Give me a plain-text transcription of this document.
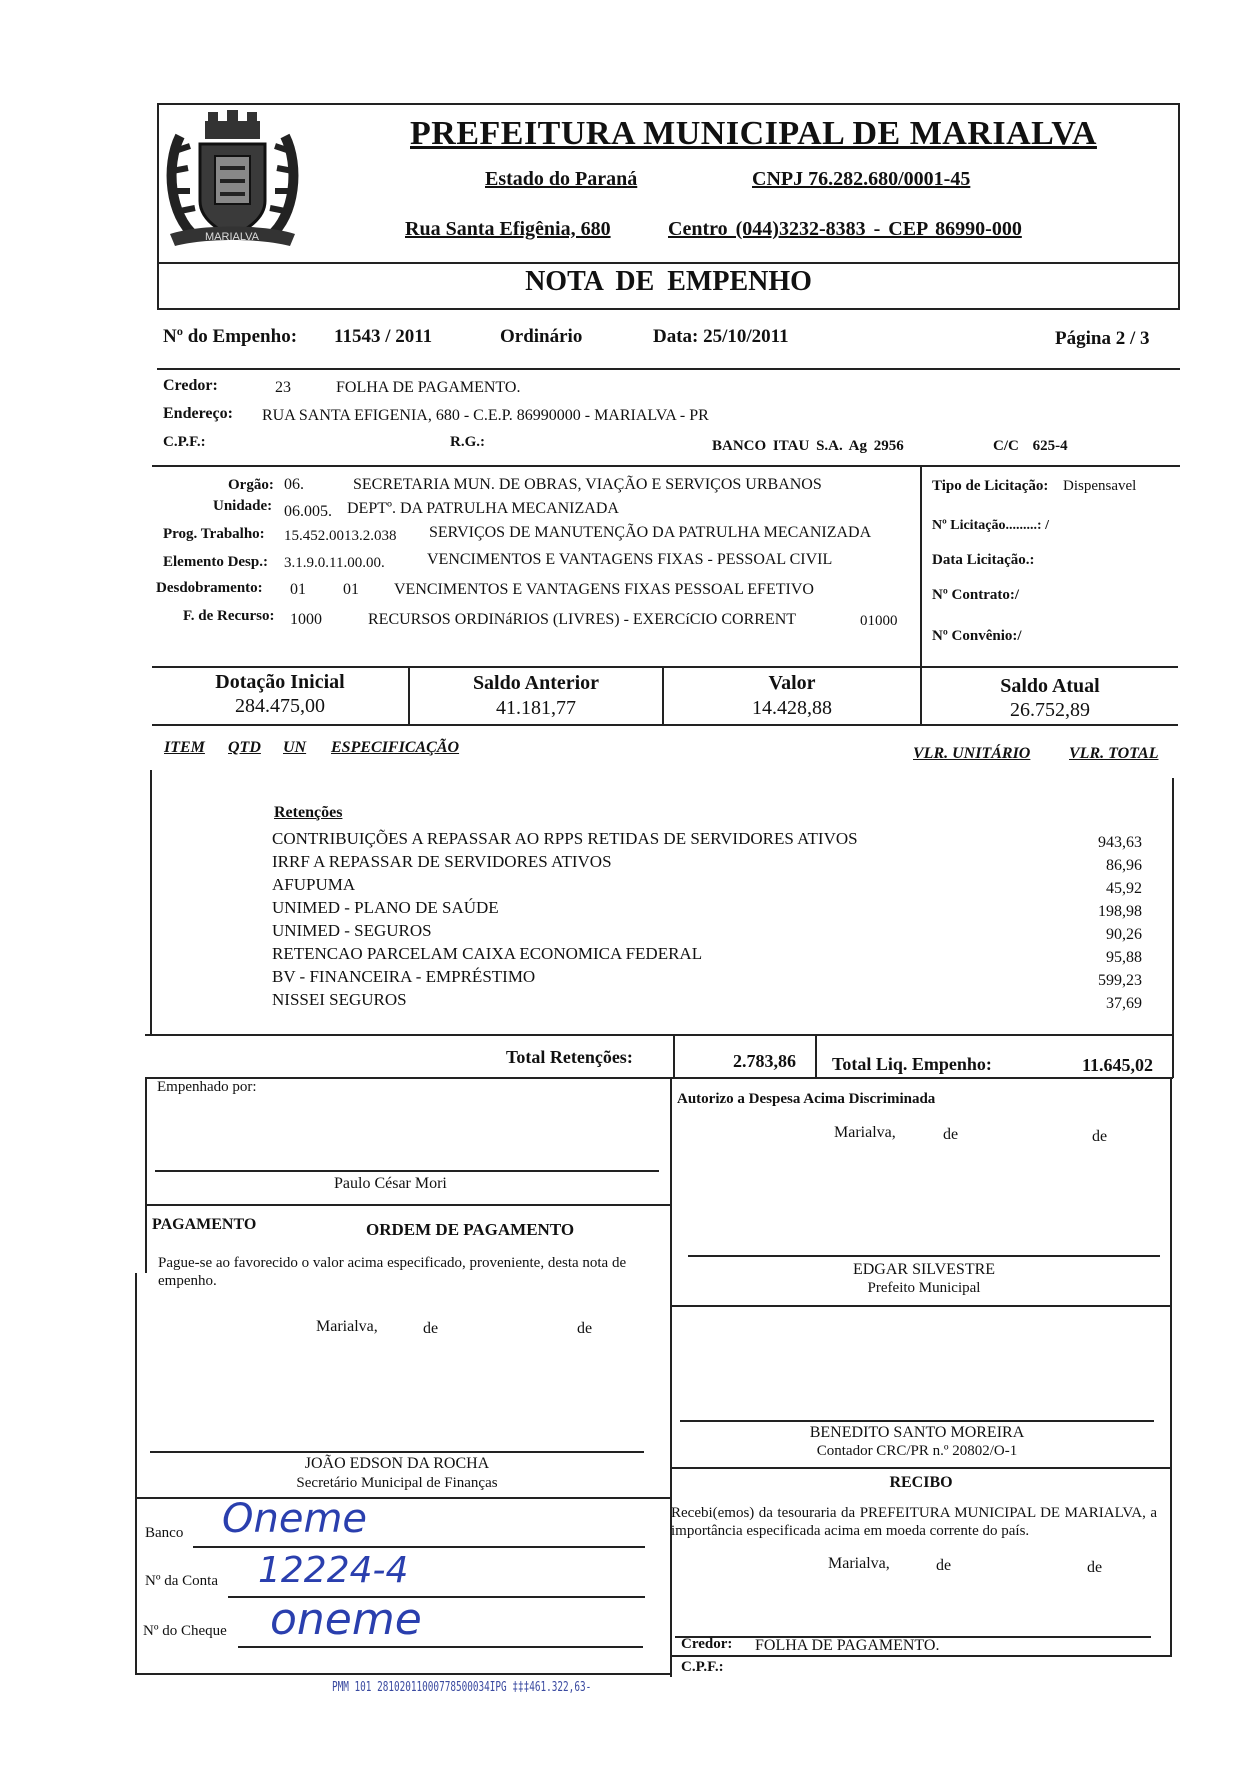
MARIALVA
PREFEITURA MUNICIPAL DE MARIALVA
Estado do Paraná	CNPJ 76.282.680/0001-45
Rua Santa Efigênia, 680	Centro (044)3232-8383 - CEP 86990-000
NOTA DE EMPENHO
Nº do Empenho: 11543 / 2011	Ordinário	Data: 25/10/2011	Página 2 / 3
Credor:	23	FOLHA DE PAGAMENTO.
Endereço: RUA SANTA EFIGENIA, 680 - C.E.P. 86990000 - MARIALVA - PR
C.P.F.:	R.G.:	BANCO ITAU S.A. Ag 2956	C/C 625-4
Orgão: 06.	SECRETARIA MUN. DE OBRAS, VIAÇÃO E SERVIÇOS URBANOS
Unidade: 06.005. DEPTº. DA PATRULHA MECANIZADA
Prog. Trabalho: 15.452.0013.2.038 SERVIÇOS DE MANUTENÇÃO DA PATRULHA MECANIZADA
Elemento Desp.: 3.1.9.0.11.00.00.	VENCIMENTOS E VANTAGENS FIXAS - PESSOAL CIVIL
Desdobramento: 01 01 VENCIMENTOS E VANTAGENS FIXAS PESSOAL EFETIVO
F. de Recurso: 1000	RECURSOS ORDINáRIOS (LIVRES) - EXERCíCIO CORRENT	01000
Tipo de Licitação: Dispensavel
Nº Licitação.........: /
Data Licitação.:
Nº Contrato:/
Nº Convênio:/
Dotação Inicial
284.475,00
Saldo Anterior
41.181,77
Valor
14.428,88
Saldo Atual
26.752,89
ITEM QTD UN ESPECIFICAÇÃO	VLR. UNITÁRIO VLR. TOTAL
Retenções
CONTRIBUIÇÕES A REPASSAR AO RPPS RETIDAS DE SERVIDORES ATIVOS	943,63
IRRF A REPASSAR DE SERVIDORES ATIVOS	86,96
AFUPUMA	45,92
UNIMED - PLANO DE SAÚDE	198,98
UNIMED - SEGUROS	90,26
RETENCAO PARCELAM CAIXA ECONOMICA FEDERAL	95,88
BV - FINANCEIRA - EMPRÉSTIMO	599,23
NISSEI SEGUROS	37,69
Total Retenções:	2.783,86 Total Liq. Empenho:	11.645,02
Empenhado por:
Paulo César Mori
PAGAMENTO	ORDEM DE PAGAMENTO
Pague-se ao favorecido o valor acima especificado, proveniente, desta nota de empenho.
Marialva,	de	de
JOÃO EDSON DA ROCHA
Secretário Municipal de Finanças
Banco Oneme
Nº da Conta 12224-4
Nº do Cheque oneme
Autorizo a Despesa Acima Discriminada
Marialva,	de	de
EDGAR SILVESTRE
Prefeito Municipal
BENEDITO SANTO MOREIRA
Contador CRC/PR n.º 20802/O-1
RECIBO
Recebi(emos) da tesouraria da PREFEITURA MUNICIPAL DE MARIALVA, a importância especificada acima em moeda corrente do país.
Marialva,	de	de
Credor: FOLHA DE PAGAMENTO.
C.P.F.:
PMM 101 28102011000778500034IPG ‡‡‡461.322,63-
